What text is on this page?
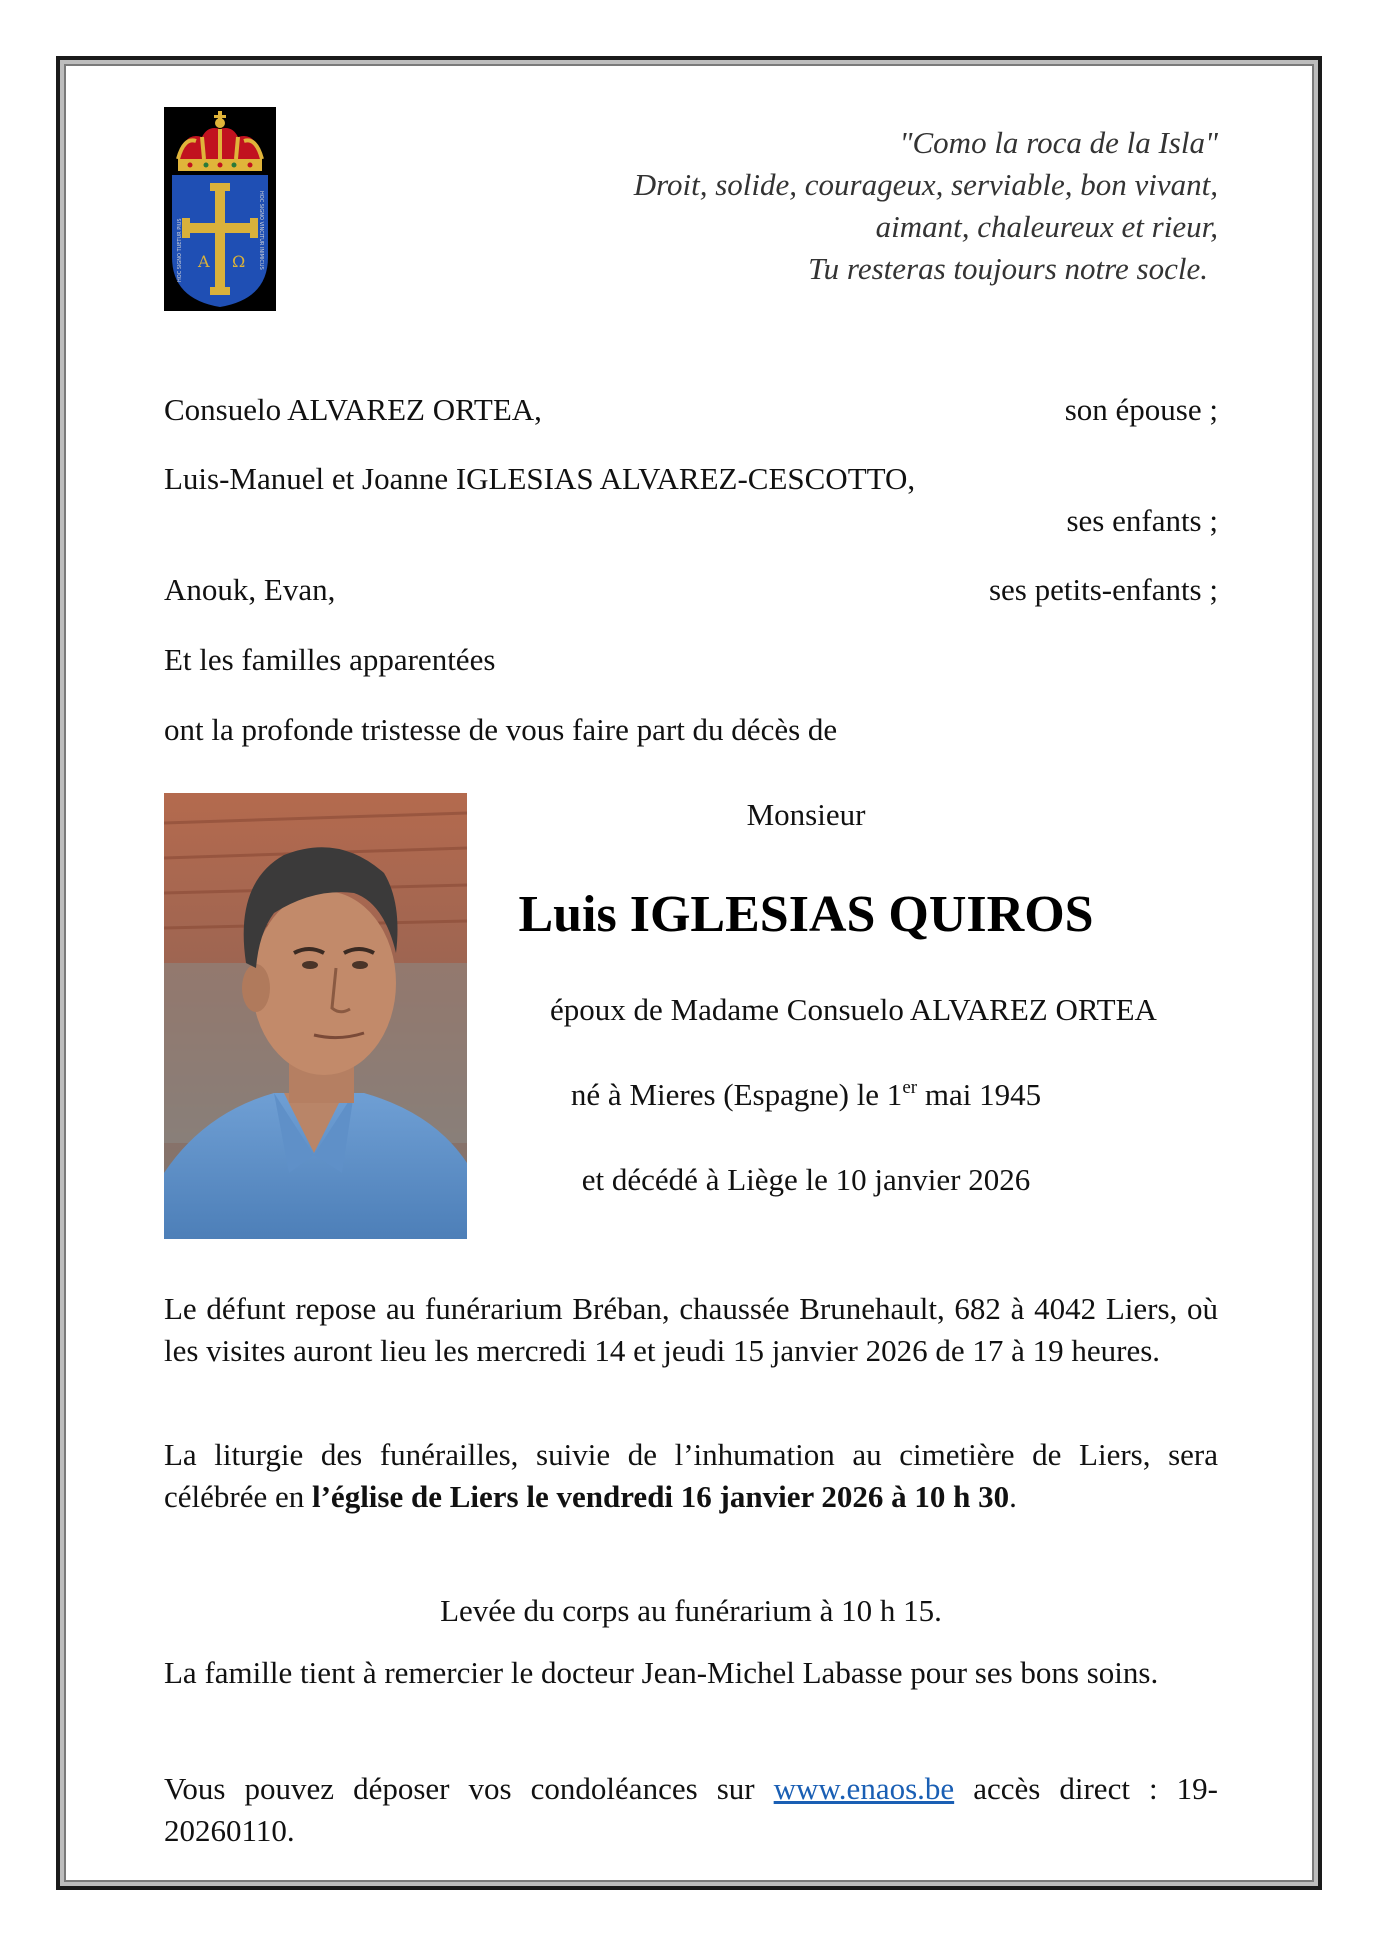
A Ω
HOC SIGNO TUETUR PIUS	HOC SIGNO VINCITUR INIMICUS
"Como la roca de la Isla"
Droit, solide, courageux, serviable, bon vivant,
aimant, chaleureux et rieur,
Tu resteras toujours notre socle.
Consuelo ALVAREZ ORTEA,	son épouse ;
Luis-Manuel et Joanne IGLESIAS ALVAREZ-CESCOTTO,
ses enfants ;
Anouk, Evan,	ses petits-enfants ;
Et les familles apparentées
ont la profonde tristesse de vous faire part du décès de
Monsieur
Luis IGLESIAS QUIROS
époux de Madame Consuelo ALVAREZ ORTEA
né à Mieres (Espagne) le 1er mai 1945
et décédé à Liège le 10 janvier 2026
Le défunt repose au funérarium Bréban, chaussée Brunehault, 682 à 4042 Liers, où les visites auront lieu les mercredi 14 et jeudi 15 janvier 2026 de 17 à 19 heures.
La liturgie des funérailles, suivie de l’inhumation au cimetière de Liers, sera célébrée en l’église de Liers le vendredi 16 janvier 2026 à 10 h 30.
Levée du corps au funérarium à 10 h 15.
La famille tient à remercier le docteur Jean-Michel Labasse pour ses bons soins.
Vous pouvez déposer vos condoléances sur www.enaos.be accès direct : 19-20260110.
